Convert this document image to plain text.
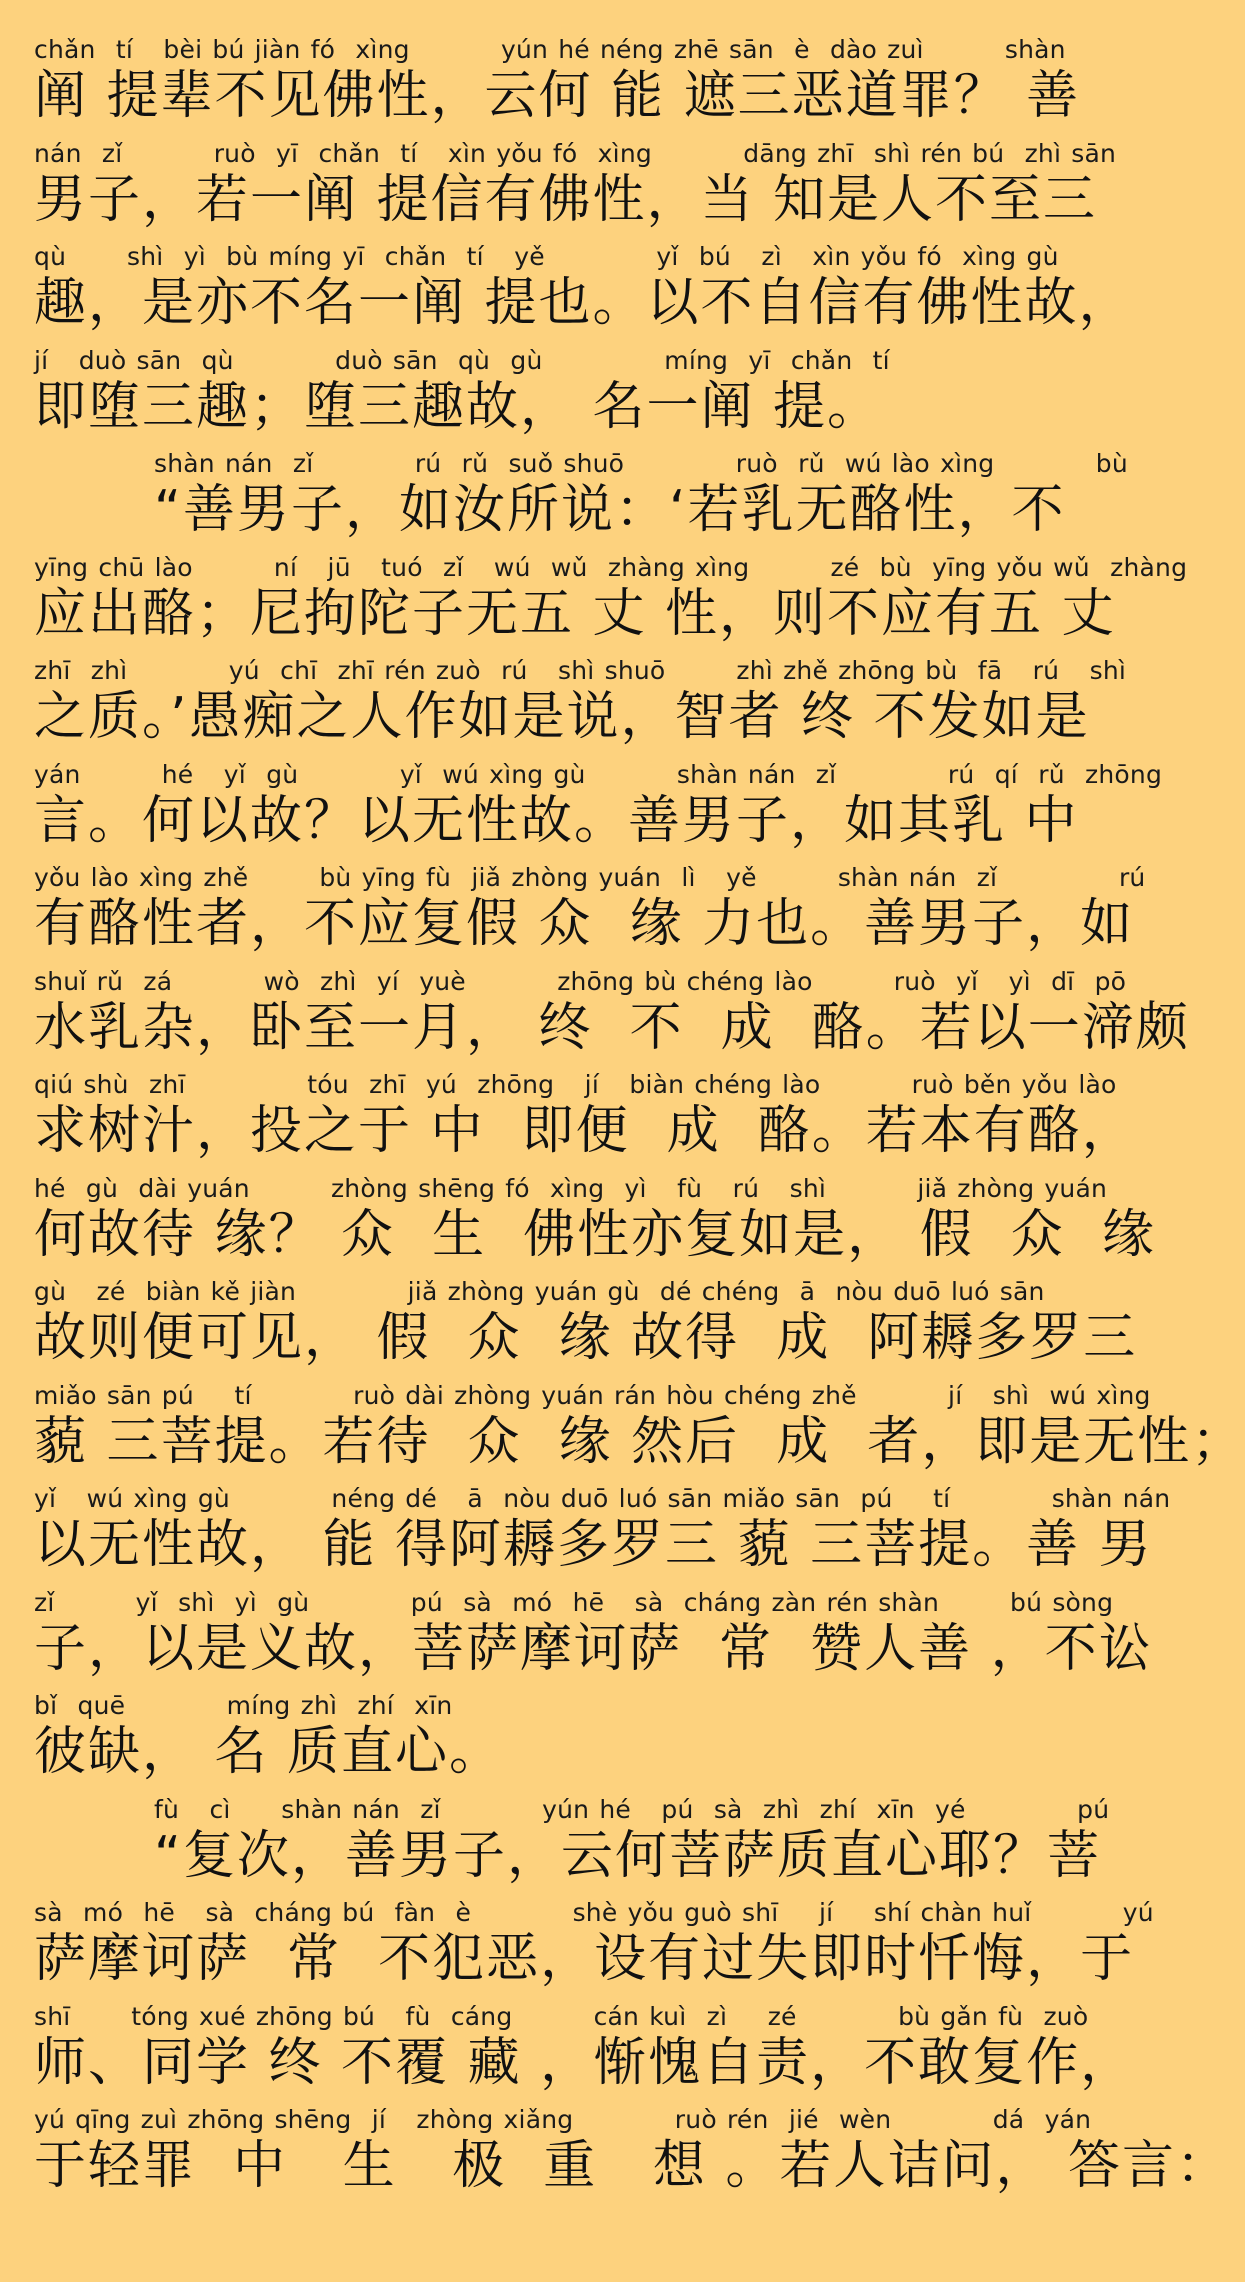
chǎn  tí   bèi bú jiàn fó  xìng         yún hé néng zhē sān  è  dào zuì        shàn
阐 提辈不见佛性，云何 能 遮三恶道罪？ 善
nán  zǐ         ruò  yī  chǎn  tí   xìn yǒu fó  xìng         dāng zhī  shì rén bú  zhì sān
男子，若一阐 提信有佛性，当 知是人不至三
qù      shì  yì  bù míng yī  chǎn  tí   yě           yǐ  bú   zì   xìn yǒu fó  xìng gù
趣，是亦不名一阐 提也。以不自信有佛性故，
jí   duò sān  qù          duò sān  qù  gù            míng  yī  chǎn  tí
即堕三趣；堕三趣故， 名一阐 提。
shàn nán  zǐ          rú  rǔ  suǒ shuō           ruò  rǔ  wú lào xìng          bù
“善男子，如汝所说：‘若乳无酪性，不
yīng chū lào        ní   jū   tuó  zǐ   wú  wǔ  zhàng xìng        zé  bù  yīng yǒu wǔ  zhàng
应出酪；尼拘陀子无五 丈 性，则不应有五 丈
zhī  zhì          yú  chī  zhī rén zuò  rú   shì shuō       zhì zhě zhōng bù  fā   rú   shì
之质。’愚痴之人作如是说，智者 终 不发如是
yán        hé   yǐ  gù          yǐ  wú xìng gù         shàn nán  zǐ           rú  qí  rǔ  zhōng
言。何以故？以无性故。善男子，如其乳 中
yǒu lào xìng zhě       bù yīng fù  jiǎ zhòng yuán  lì   yě        shàn nán  zǐ            rú
有酪性者，不应复假 众  缘 力也。善男子，如
shuǐ rǔ  zá         wò  zhì  yí  yuè         zhōng bù chéng lào        ruò  yǐ   yì  dī  pō
水乳杂，卧至一月， 终  不  成  酪。若以一渧颇
qiú shù  zhī            tóu  zhī  yú  zhōng   jí   biàn chéng lào         ruò běn yǒu lào
求树汁，投之于 中  即便  成  酪。若本有酪，
hé  gù  dài yuán        zhòng shēng fó  xìng  yì   fù   rú   shì         jiǎ zhòng yuán
何故待 缘？ 众  生  佛性亦复如是， 假  众  缘
gù   zé  biàn kě jiàn           jiǎ zhòng yuán gù  dé chéng  ā  nòu duō luó sān
故则便可见， 假  众  缘 故得  成  阿耨多罗三
miǎo sān pú    tí          ruò dài zhòng yuán rán hòu chéng zhě         jí   shì  wú xìng
藐 三菩提。若待  众  缘 然后  成  者，即是无性；
yǐ   wú xìng gù          néng dé   ā  nòu duō luó sān miǎo sān  pú    tí          shàn nán
以无性故， 能 得阿耨多罗三 藐 三菩提。善 男
zǐ        yǐ  shì  yì  gù          pú  sà  mó  hē   sà  cháng zàn rén shàn       bú sòng
子，以是义故，菩萨摩诃萨  常  赞人善 ，不讼
bǐ  quē          míng zhì  zhí  xīn
彼缺， 名 质直心。
fù   cì     shàn nán  zǐ          yún hé   pú  sà  zhì  zhí  xīn  yé           pú
“复次，善男子，云何菩萨质直心耶？菩
sà  mó  hē   sà  cháng bú  fàn  è          shè yǒu guò shī    jí    shí chàn huǐ         yú
萨摩诃萨  常  不犯恶，设有过失即时忏悔，于
shī      tóng xué zhōng bú   fù  cáng        cán kuì  zì    zé          bù gǎn fù  zuò
师、同学 终 不覆 藏 ，惭愧自责，不敢复作，
yú qīng zuì zhōng shēng  jí   zhòng xiǎng          ruò rén  jié  wèn          dá  yán
于轻罪  中   生   极  重   想 。若人诘问， 答言：
